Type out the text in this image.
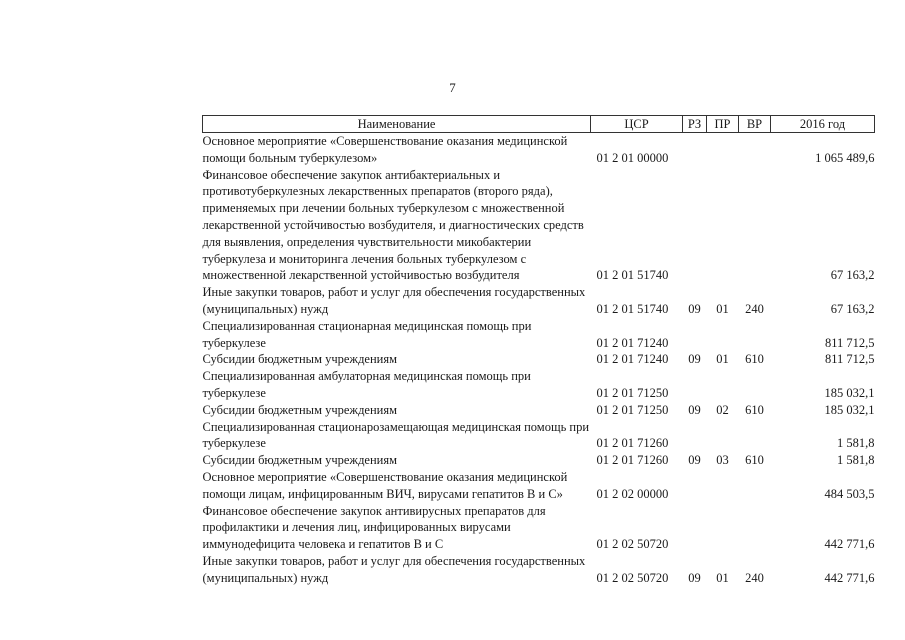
7
Наименование	ЦСР	РЗ	ПР	ВР	2016 год
Основное мероприятие «Совершенствование оказания медицинской помощи больным туберкулезом»	01 2 01 00000				1 065 489,6
Финансовое обеспечение закупок антибактериальных и противотуберкулезных лекарственных препаратов (второго ряда), применяемых при лечении больных туберкулезом с множественной лекарственной устойчивостью возбудителя, и диагностических средств для выявления, определения чувствительности микобактерии туберкулеза и мониторинга лечения больных туберкулезом с множественной лекарственной устойчивостью возбудителя	01 2 01 51740				67 163,2
Иные закупки товаров, работ и услуг для обеспечения государственных (муниципальных) нужд	01 2 01 51740	09	01	240	67 163,2
Специализированная стационарная медицинская помощь при туберкулезе	01 2 01 71240				811 712,5
Субсидии бюджетным учреждениям	01 2 01 71240	09	01	610	811 712,5
Специализированная амбулаторная медицинская помощь при туберкулезе	01 2 01 71250				185 032,1
Субсидии бюджетным учреждениям	01 2 01 71250	09	02	610	185 032,1
Специализированная стационарозамещающая медицинская помощь при туберкулезе	01 2 01 71260				1 581,8
Субсидии бюджетным учреждениям	01 2 01 71260	09	03	610	1 581,8
Основное мероприятие «Совершенствование оказания медицинской помощи лицам, инфицированным ВИЧ, вирусами гепатитов В и С»	01 2 02 00000				484 503,5
Финансовое обеспечение закупок антивирусных препаратов для профилактики и лечения лиц, инфицированных вирусами иммунодефицита человека и гепатитов В и С	01 2 02 50720				442 771,6
Иные закупки товаров, работ и услуг для обеспечения государственных (муниципальных) нужд	01 2 02 50720	09	01	240	442 771,6
